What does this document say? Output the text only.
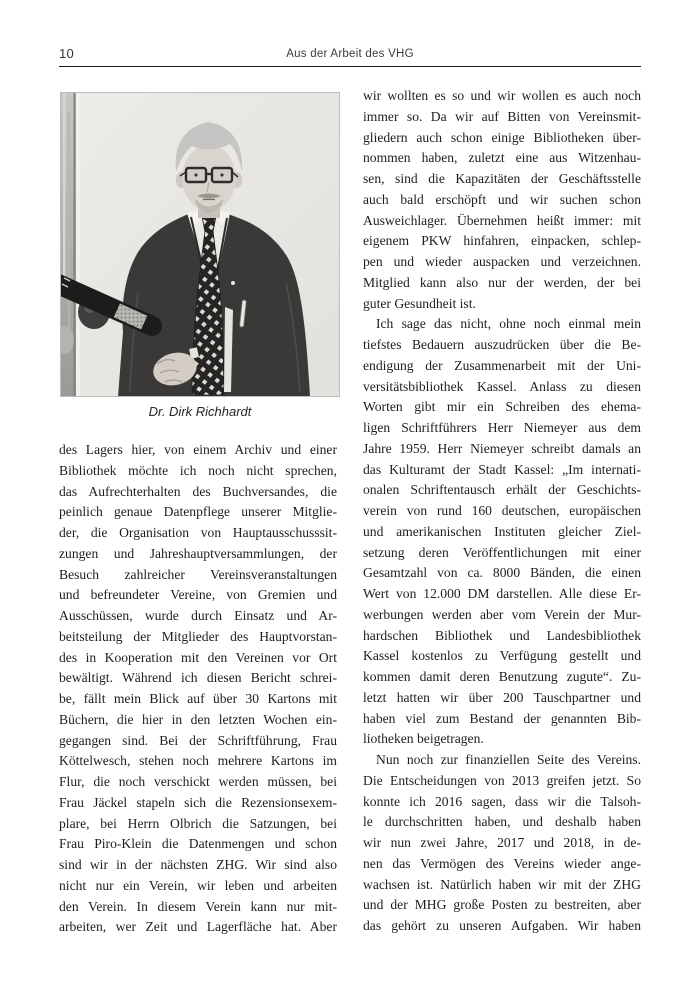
10	Aus der Arbeit des VHG
Dr. Dirk Richhardt
des Lagers hier, von einem Archiv und einer
Bibliothek möchte ich noch nicht sprechen,
das Aufrechterhalten des Buchversandes, die
peinlich genaue Datenpflege unserer Mitglie-
der, die Organisation von Hauptausschusssit-
zungen und Jahreshauptversammlungen, der
Besuch zahlreicher Vereinsveranstaltungen
und befreundeter Vereine, von Gremien und
Ausschüssen, wurde durch Einsatz und Ar-
beitsteilung der Mitglieder des Hauptvorstan-
des in Kooperation mit den Vereinen vor Ort
bewältigt. Während ich diesen Bericht schrei-
be, fällt mein Blick auf über 30 Kartons mit
Büchern, die hier in den letzten Wochen ein-
gegangen sind. Bei der Schriftführung, Frau
Köttelwesch, stehen noch mehrere Kartons im
Flur, die noch verschickt werden müssen, bei
Frau Jäckel stapeln sich die Rezensionsexem-
plare, bei Herrn Olbrich die Satzungen, bei
Frau Piro-Klein die Datenmengen und schon
sind wir in der nächsten ZHG. Wir sind also
nicht nur ein Verein, wir leben und arbeiten
den Verein. In diesem Verein kann nur mit-
arbeiten, wer Zeit und Lagerfläche hat. Aber
wir wollten es so und wir wollen es auch noch
immer so. Da wir auf Bitten von Vereinsmit-
gliedern auch schon einige Bibliotheken über-
nommen haben, zuletzt eine aus Witzenhau-
sen, sind die Kapazitäten der Geschäftsstelle
auch bald erschöpft und wir suchen schon
Ausweichlager. Übernehmen heißt immer: mit
eigenem PKW hinfahren, einpacken, schlep-
pen und wieder auspacken und verzeichnen.
Mitglied kann also nur der werden, der bei
guter Gesundheit ist.
Ich sage das nicht, ohne noch einmal mein
tiefstes Bedauern auszudrücken über die Be-
endigung der Zusammenarbeit mit der Uni-
versitätsbibliothek Kassel. Anlass zu diesen
Worten gibt mir ein Schreiben des ehema-
ligen Schriftführers Herr Niemeyer aus dem
Jahre 1959. Herr Niemeyer schreibt damals an
das Kulturamt der Stadt Kassel: „Im internati-
onalen Schriftentausch erhält der Geschichts-
verein von rund 160 deutschen, europäischen
und amerikanischen Instituten gleicher Ziel-
setzung deren Veröffentlichungen mit einer
Gesamtzahl von ca. 8000 Bänden, die einen
Wert von 12.000 DM darstellen. Alle diese Er-
werbungen werden aber vom Verein der Mur-
hardschen Bibliothek und Landesbibliothek
Kassel kostenlos zu Verfügung gestellt und
kommen damit deren Benutzung zugute“. Zu-
letzt hatten wir über 200 Tauschpartner und
haben viel zum Bestand der genannten Bib-
liotheken beigetragen.
Nun noch zur finanziellen Seite des Vereins.
Die Entscheidungen von 2013 greifen jetzt. So
konnte ich 2016 sagen, dass wir die Talsoh-
le durchschritten haben, und deshalb haben
wir nun zwei Jahre, 2017 und 2018, in de-
nen das Vermögen des Vereins wieder ange-
wachsen ist. Natürlich haben wir mit der ZHG
und der MHG große Posten zu bestreiten, aber
das gehört zu unseren Aufgaben. Wir haben
